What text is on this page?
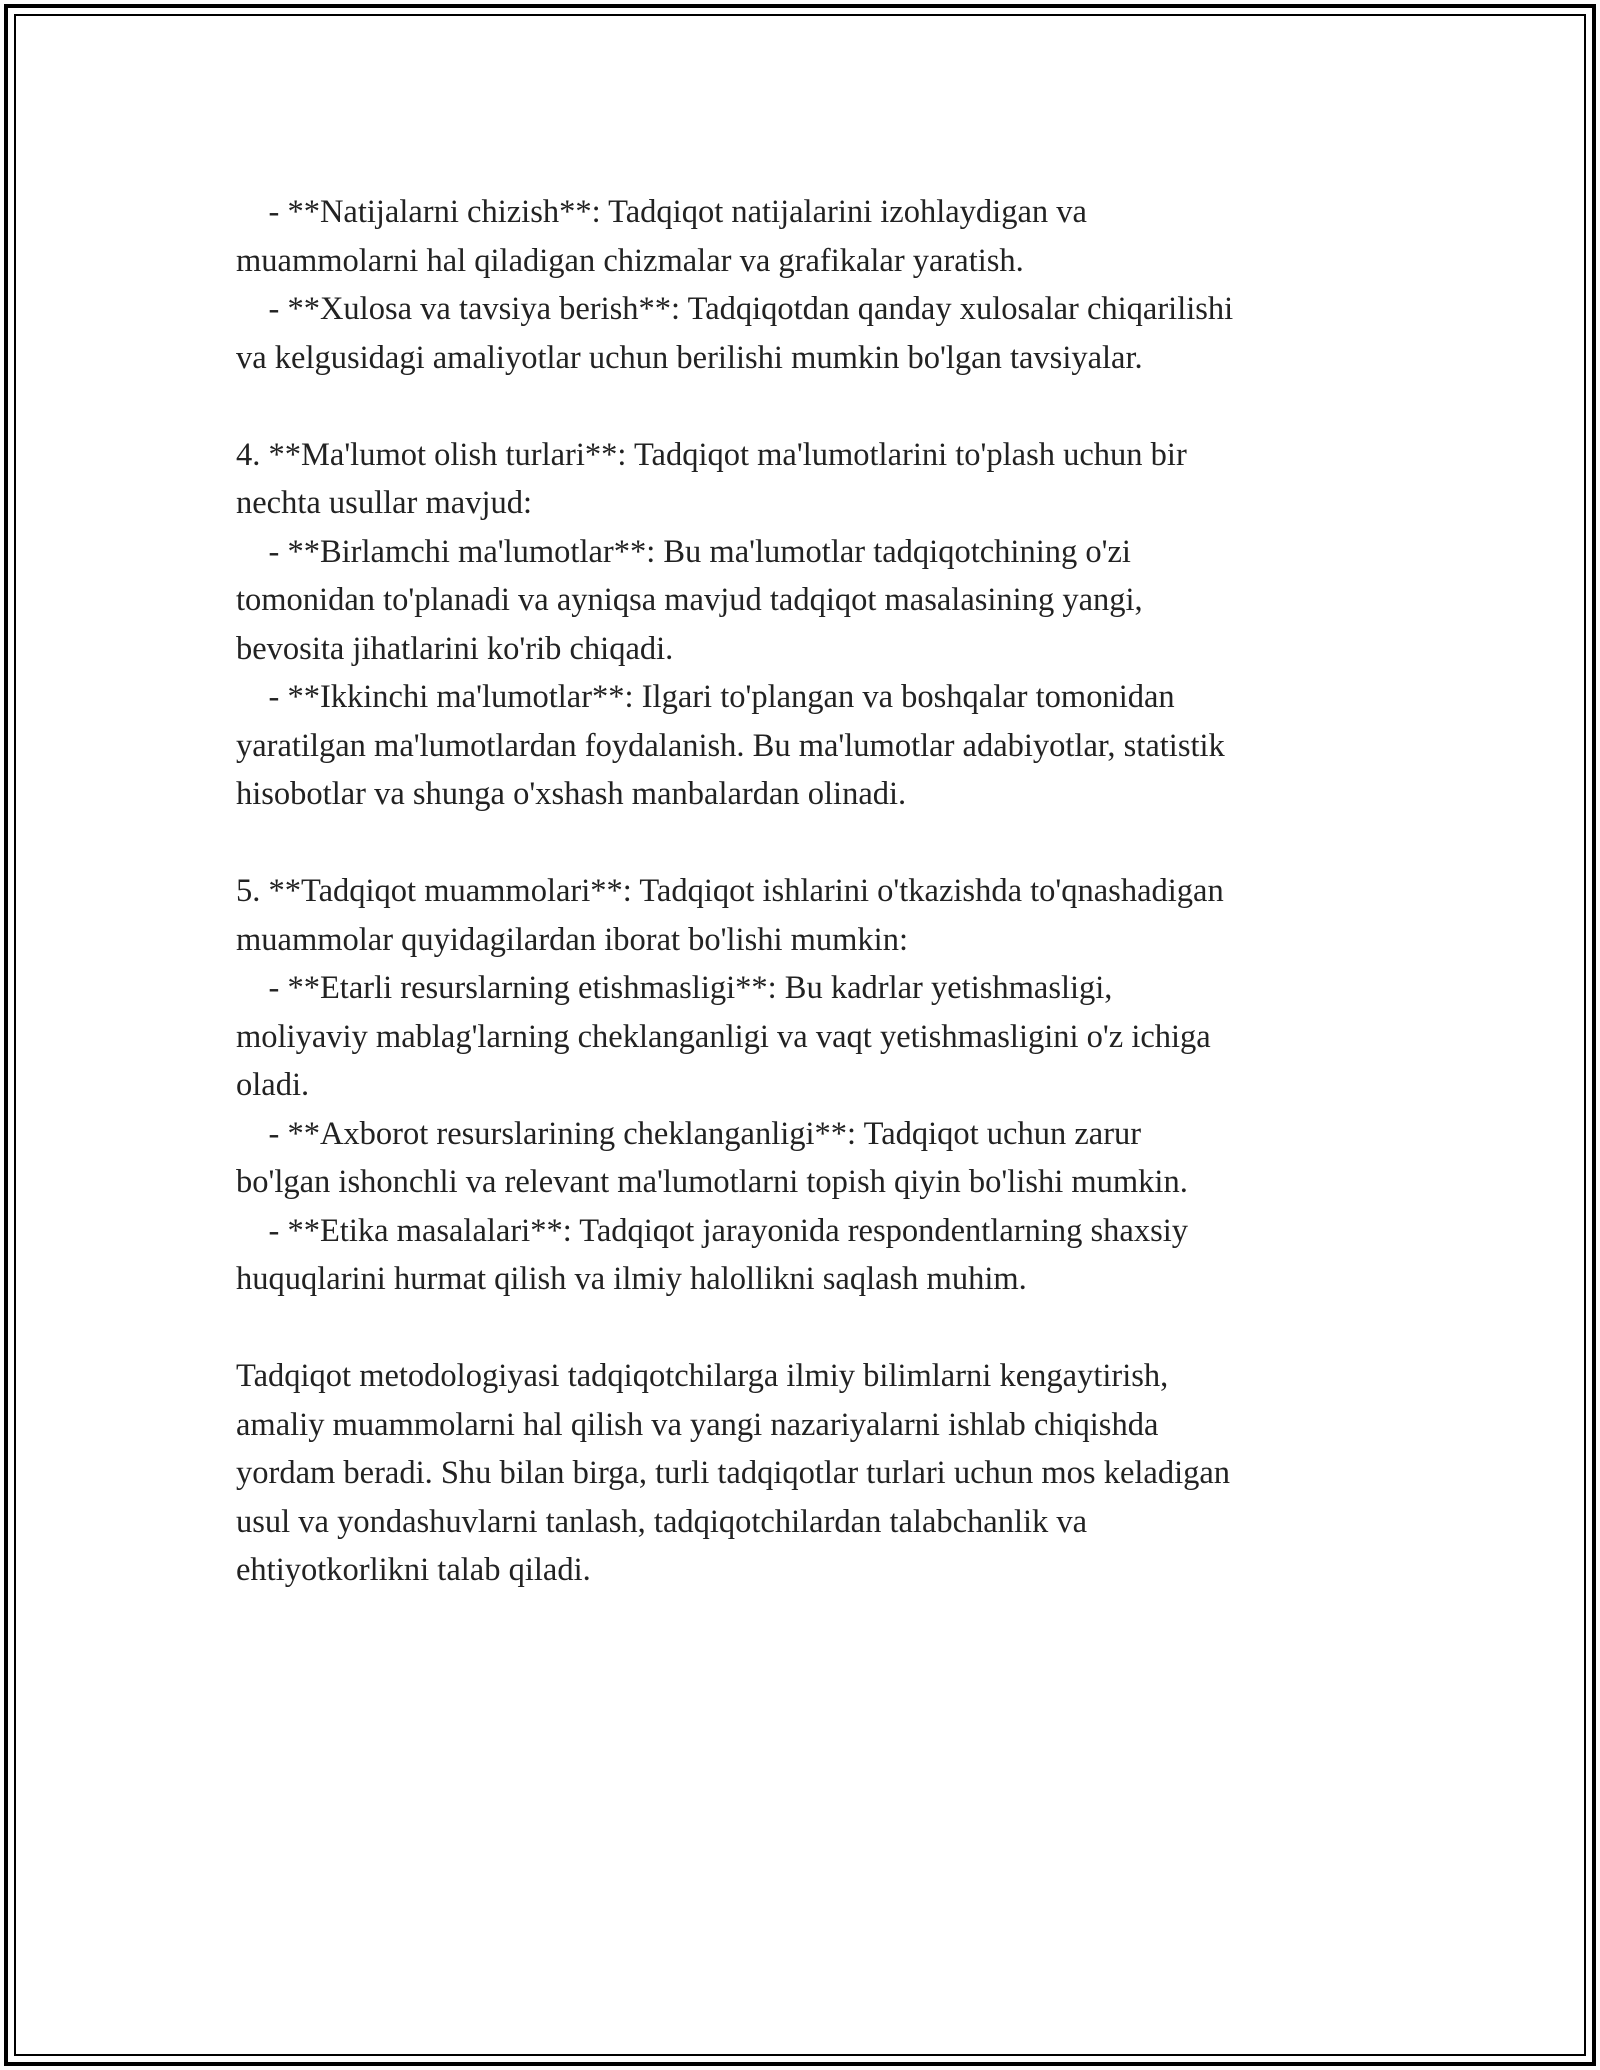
- **Natijalarni chizish**: Tadqiqot natijalarini izohlaydigan va
muammolarni hal qiladigan chizmalar va grafikalar yaratish.
- **Xulosa va tavsiya berish**: Tadqiqotdan qanday xulosalar chiqarilishi
va kelgusidagi amaliyotlar uchun berilishi mumkin bo'lgan tavsiyalar.
4. **Ma'lumot olish turlari**: Tadqiqot ma'lumotlarini to'plash uchun bir
nechta usullar mavjud:
- **Birlamchi ma'lumotlar**: Bu ma'lumotlar tadqiqotchining o'zi
tomonidan to'planadi va ayniqsa mavjud tadqiqot masalasining yangi,
bevosita jihatlarini ko'rib chiqadi.
- **Ikkinchi ma'lumotlar**: Ilgari to'plangan va boshqalar tomonidan
yaratilgan ma'lumotlardan foydalanish. Bu ma'lumotlar adabiyotlar, statistik
hisobotlar va shunga o'xshash manbalardan olinadi.
5. **Tadqiqot muammolari**: Tadqiqot ishlarini o'tkazishda to'qnashadigan
muammolar quyidagilardan iborat bo'lishi mumkin:
- **Etarli resurslarning etishmasligi**: Bu kadrlar yetishmasligi,
moliyaviy mablag'larning cheklanganligi va vaqt yetishmasligini o'z ichiga
oladi.
- **Axborot resurslarining cheklanganligi**: Tadqiqot uchun zarur
bo'lgan ishonchli va relevant ma'lumotlarni topish qiyin bo'lishi mumkin.
- **Etika masalalari**: Tadqiqot jarayonida respondentlarning shaxsiy
huquqlarini hurmat qilish va ilmiy halollikni saqlash muhim.
Tadqiqot metodologiyasi tadqiqotchilarga ilmiy bilimlarni kengaytirish,
amaliy muammolarni hal qilish va yangi nazariyalarni ishlab chiqishda
yordam beradi. Shu bilan birga, turli tadqiqotlar turlari uchun mos keladigan
usul va yondashuvlarni tanlash, tadqiqotchilardan talabchanlik va
ehtiyotkorlikni talab qiladi.
